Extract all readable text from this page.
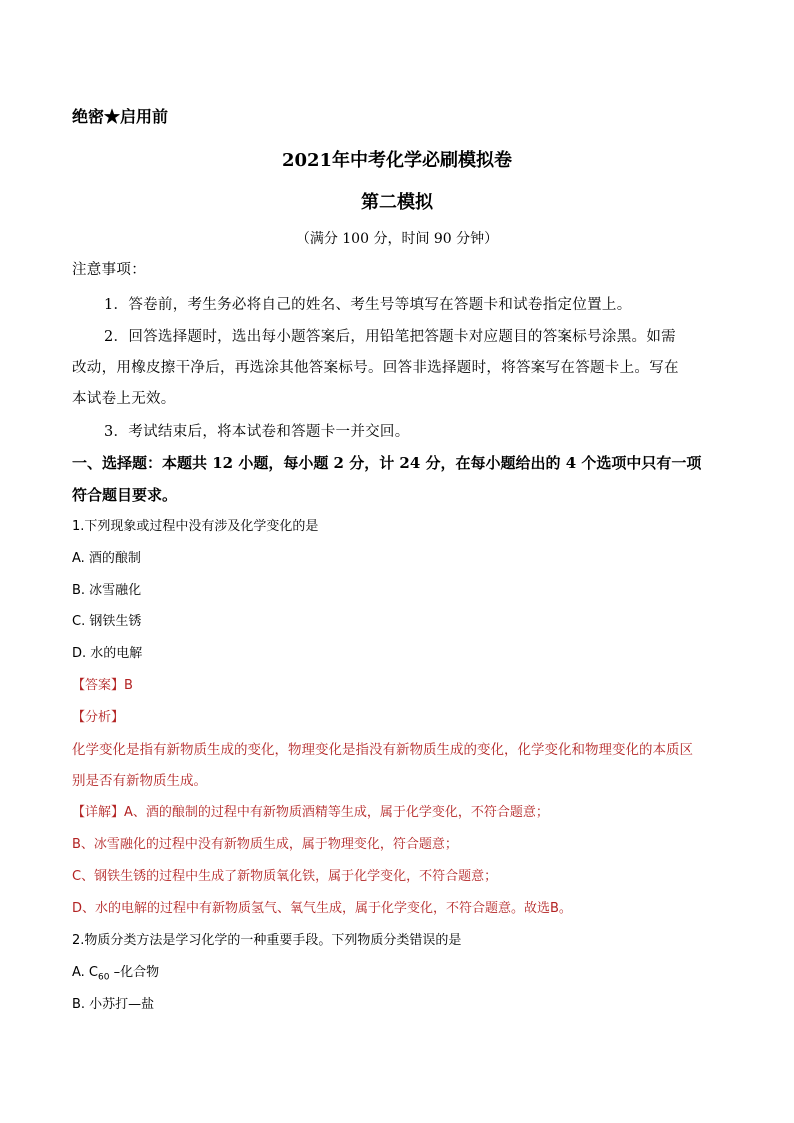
绝密★启用前
2021年中考化学必刷模拟卷
第二模拟
（满分 100 分，时间 90 分钟）
注意事项：
1．答卷前，考生务必将自己的姓名、考生号等填写在答题卡和试卷指定位置上。
2．回答选择题时，选出每小题答案后，用铅笔把答题卡对应题目的答案标号涂黑。如需
改动，用橡皮擦干净后，再选涂其他答案标号。回答非选择题时，将答案写在答题卡上。写在
本试卷上无效。
3．考试结束后，将本试卷和答题卡一并交回。
一、选择题：本题共 12 小题，每小题 2 分，计 24 分，在每小题给出的 4 个选项中只有一项
符合题目要求。
1.下列现象或过程中没有涉及化学变化的是
A. 酒的酿制
B. 冰雪融化
C. 钢铁生锈
D. 水的电解
【答案】B
【分析】
化学变化是指有新物质生成的变化，物理变化是指没有新物质生成的变化，化学变化和物理变化的本质区
别是否有新物质生成。
【详解】A、酒的酿制的过程中有新物质酒精等生成，属于化学变化，不符合题意；
B、冰雪融化的过程中没有新物质生成，属于物理变化，符合题意；
C、钢铁生锈的过程中生成了新物质氧化铁，属于化学变化，不符合题意；
D、水的电解的过程中有新物质氢气、氧气生成，属于化学变化，不符合题意。故选B。
2.物质分类方法是学习化学的一种重要手段。下列物质分类错误的是
A. $C_{60}$ –化合物
B. 小苏打—盐
